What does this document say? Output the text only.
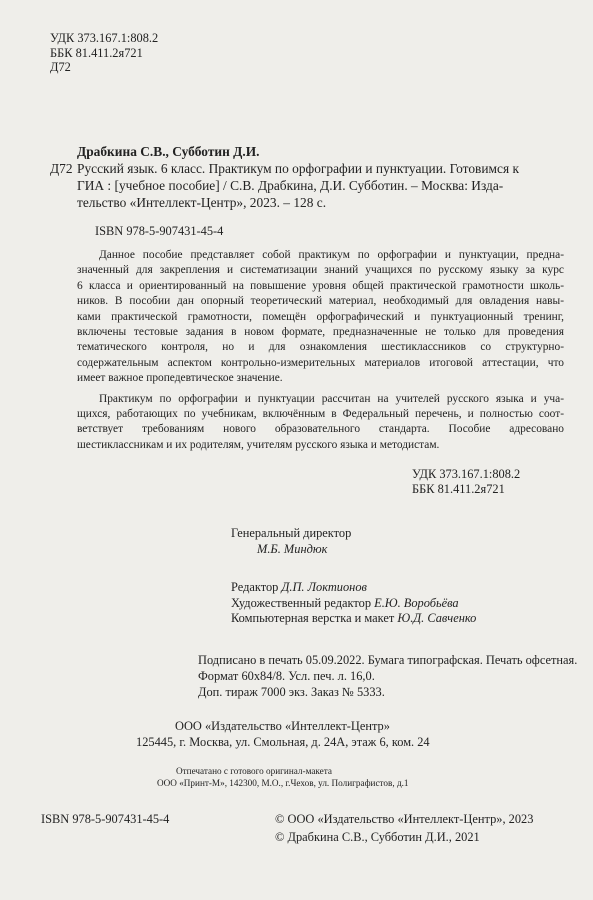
УДК 373.167.1:808.2
ББК 81.411.2я721
Д72
Драбкина С.В., Субботин Д.И.
Д72 Русский язык. 6 класс. Практикум по орфографии и пунктуации. Готовимся к
ГИА : [учебное пособие] / С.В. Драбкина, Д.И. Субботин. – Москва: Изда-
тельство «Интеллект-Центр», 2023. – 128 с.
ISBN 978-5-907431-45-4
Данное пособие представляет собой практикум по орфографии и пунктуации, предна-
значенный для закрепления и систематизации знаний учащихся по русскому языку за курс
6 класса и ориентированный на повышение уровня общей практической грамотности школь-
ников. В пособии дан опорный теоретический материал, необходимый для овладения навы-
ками практической грамотности, помещён орфографический и пунктуационный тренинг,
включены тестовые задания в новом формате, предназначенные не только для проведения
тематического контроля, но и для ознакомления шестиклассников со структурно-
содержательным аспектом контрольно-измерительных материалов итоговой аттестации, что
имеет важное пропедевтическое значение.
Практикум по орфографии и пунктуации рассчитан на учителей русского языка и уча-
щихся, работающих по учебникам, включённым в Федеральный перечень, и полностью соот-
ветствует требованиям нового образовательного стандарта. Пособие адресовано
шестиклассникам и их родителям, учителям русского языка и методистам.
УДК 373.167.1:808.2
ББК 81.411.2я721
Генеральный директор
М.Б. Миндюк
Редактор Д.П. Локтионов
Художественный редактор Е.Ю. Воробьёва
Компьютерная верстка и макет Ю.Д. Савченко
Подписано в печать 05.09.2022. Бумага типографская. Печать офсетная.
Формат 60х84/8. Усл. печ. л. 16,0.
Доп. тираж 7000 экз. Заказ № 5333.
ООО «Издательство «Интеллект-Центр»
125445, г. Москва, ул. Смольная, д. 24А, этаж 6, ком. 24
Отпечатано с готового оригинал-макета
ООО «Принт-М», 142300, М.О., г.Чехов, ул. Полиграфистов, д.1
ISBN 978-5-907431-45-4	© ООО «Издательство «Интеллект-Центр», 2023
© Драбкина С.В., Субботин Д.И., 2021
